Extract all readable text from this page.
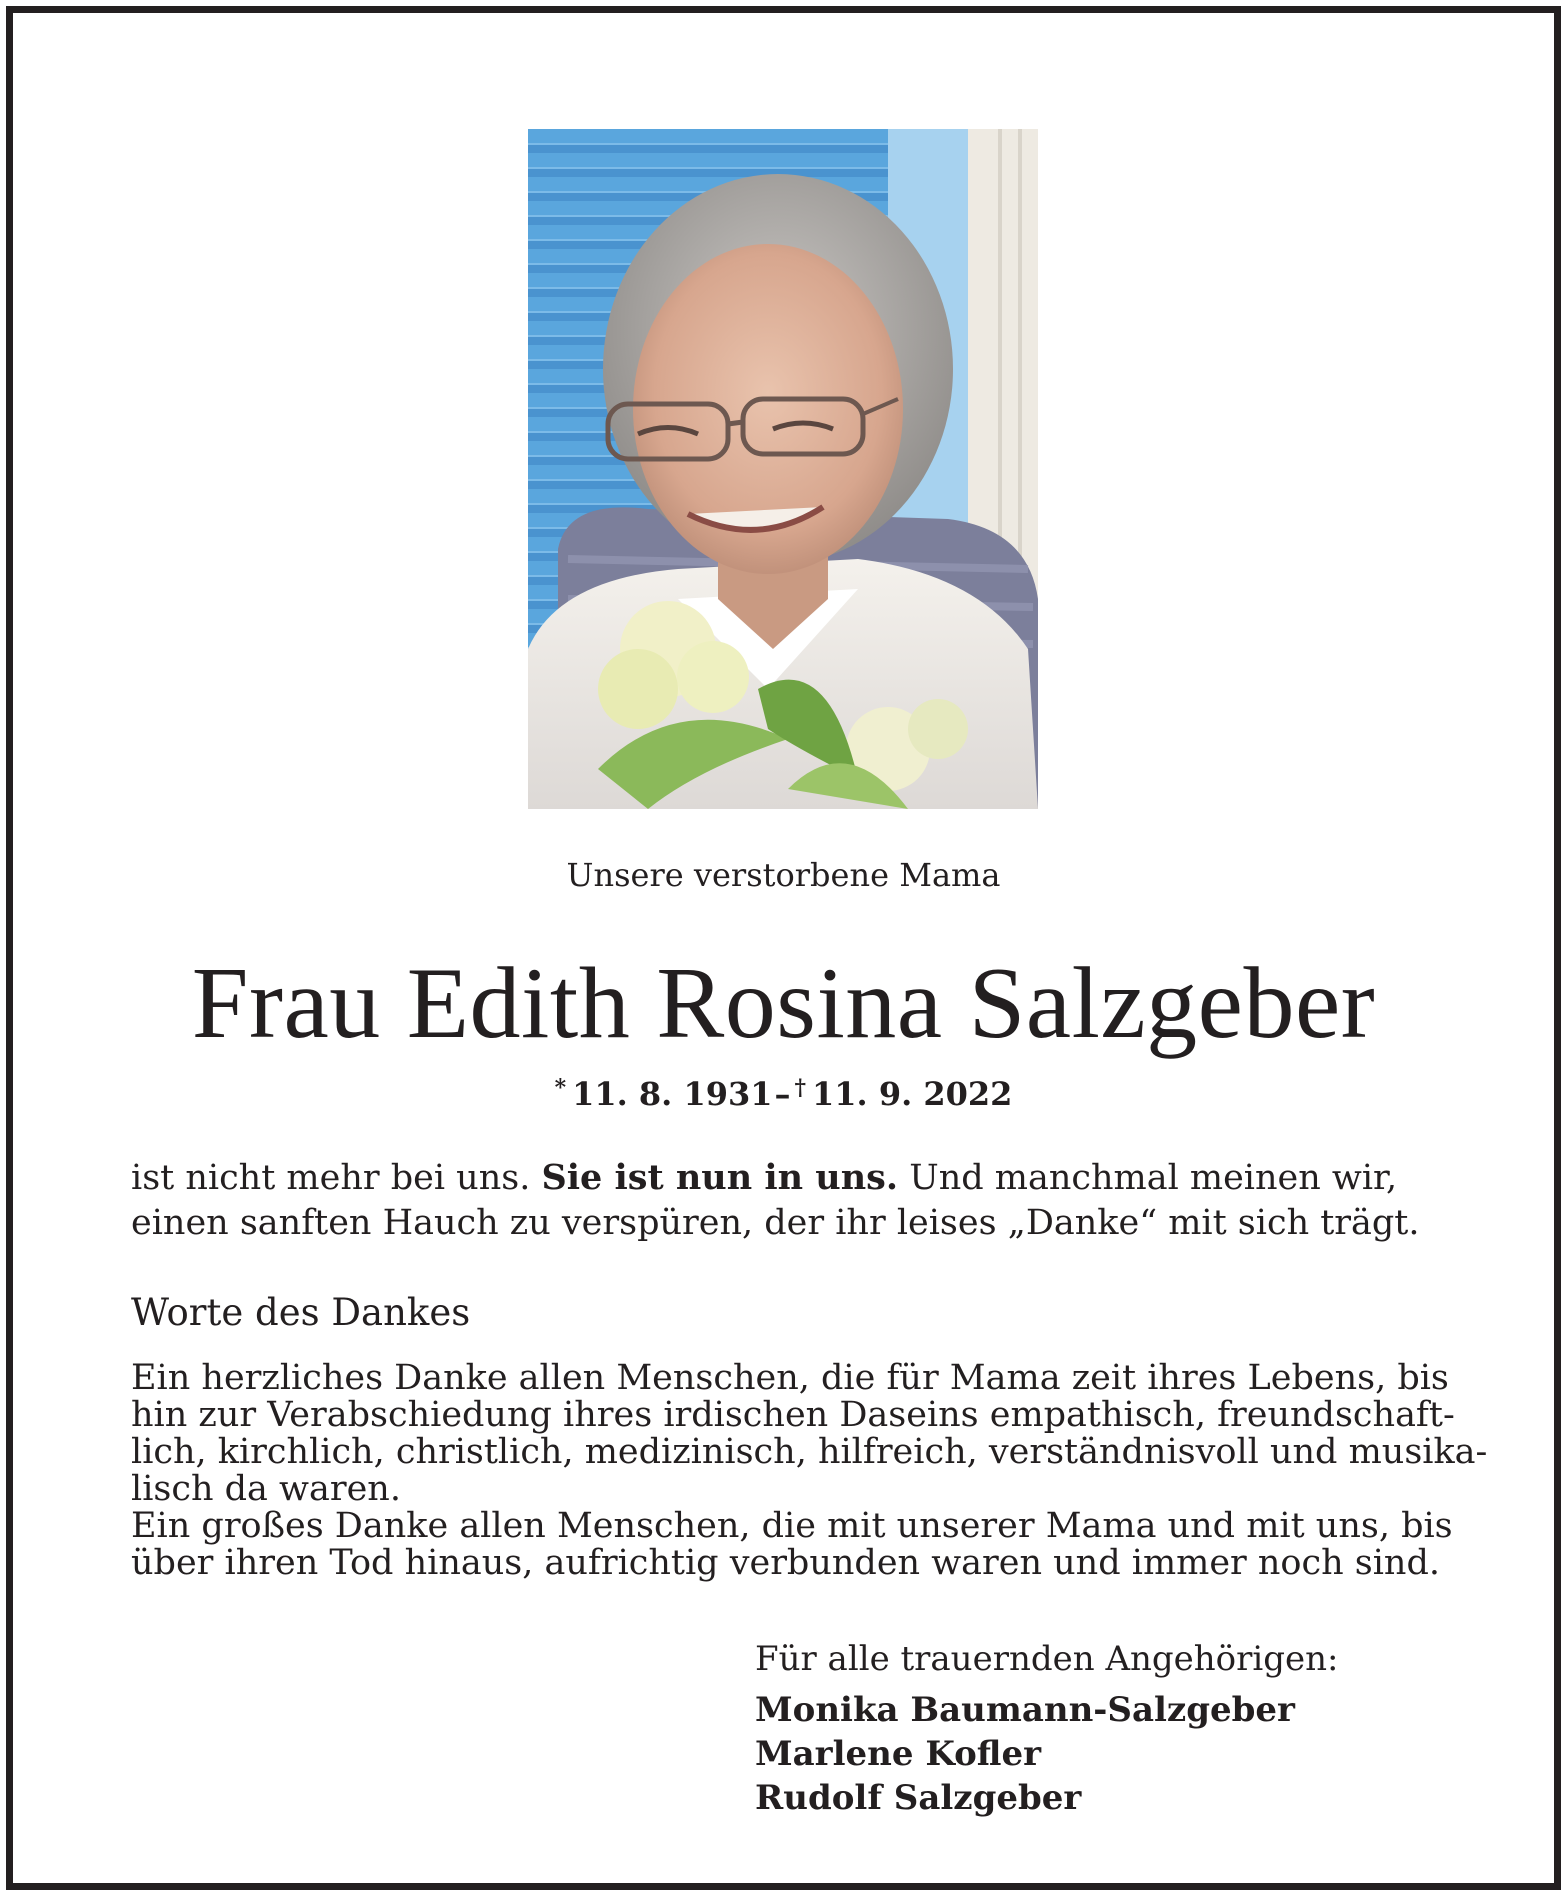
Unsere verstorbene Mama
Frau Edith Rosina Salzgeber
* 11. 8. 1931– † 11. 9. 2022
ist nicht mehr bei uns. Sie ist nun in uns. Und manchmal meinen wir, einen sanften Hauch zu verspüren, der ihr leises „Danke“ mit sich trägt.
Worte des Dankes
Ein herzliches Danke allen Menschen, die für Mama zeit ihres Lebens, bis
hin zur Verabschiedung ihres irdischen Daseins empathisch, freundschaft-
lich, kirchlich, christlich, medizinisch, hilfreich, verständnisvoll und musika-
lisch da waren.
Ein großes Danke allen Menschen, die mit unserer Mama und mit uns, bis
über ihren Tod hinaus, aufrichtig verbunden waren und immer noch sind.
Für alle trauernden Angehörigen:
Monika Baumann-Salzgeber
Marlene Kofler
Rudolf Salzgeber
